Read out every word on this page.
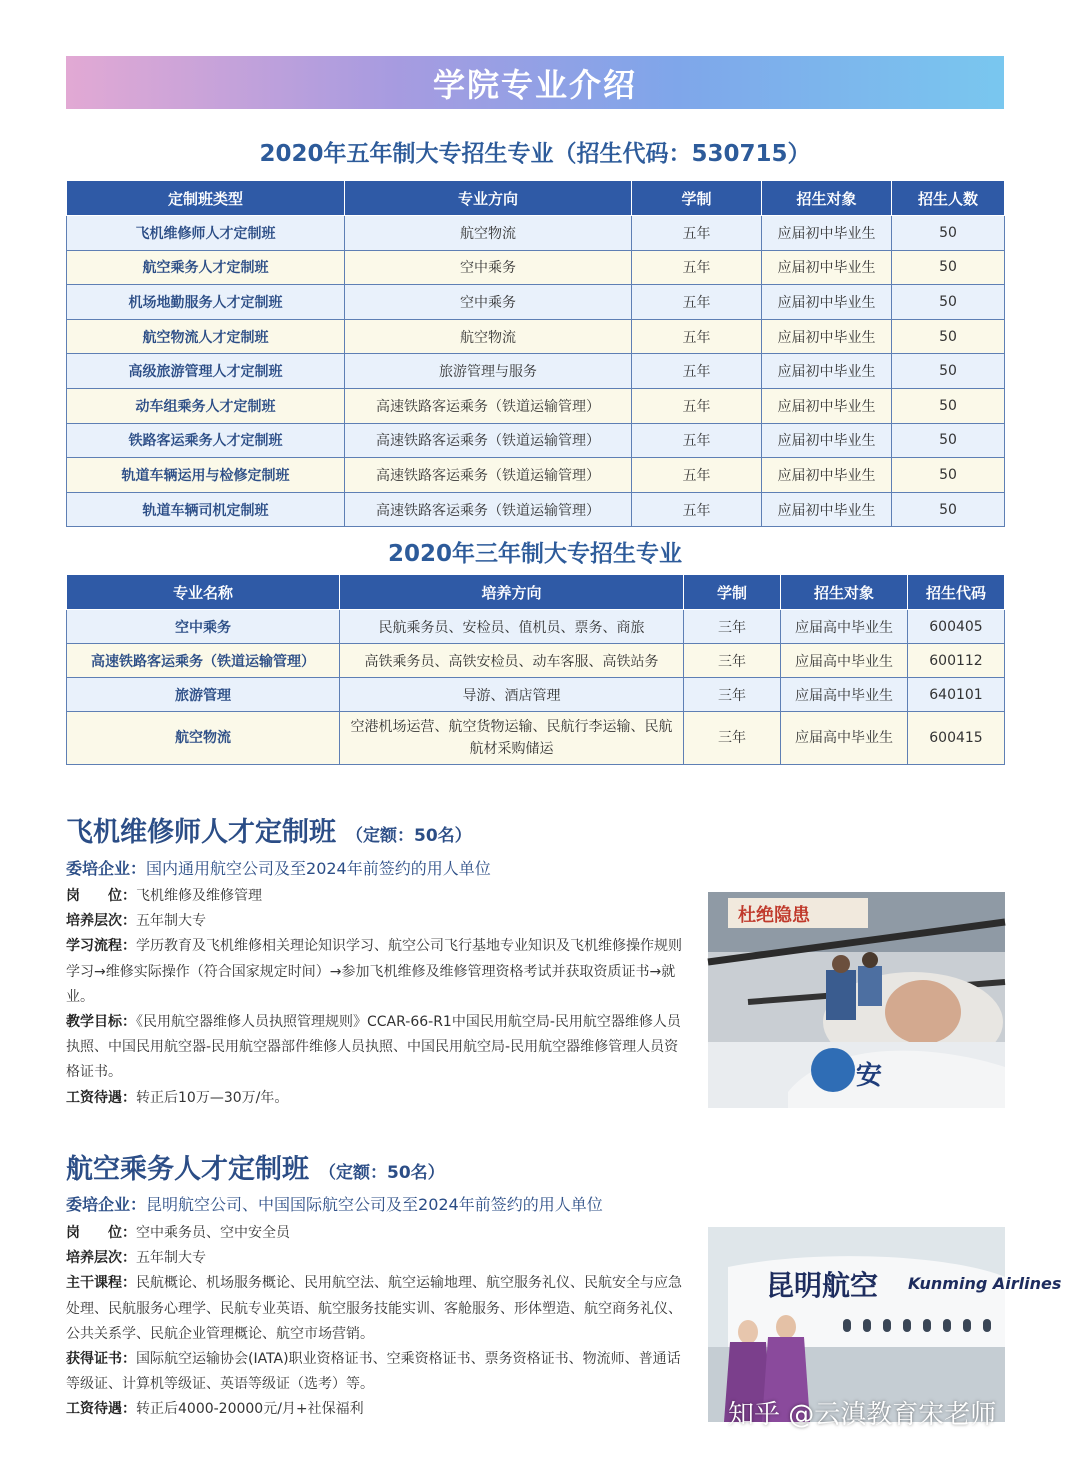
学院专业介绍
2020年五年制大专招生专业（招生代码：530715）
定制班类型	专业方向	学制	招生对象	招生人数
飞机维修师人才定制班	航空物流	五年	应届初中毕业生	50
航空乘务人才定制班	空中乘务	五年	应届初中毕业生	50
机场地勤服务人才定制班	空中乘务	五年	应届初中毕业生	50
航空物流人才定制班	航空物流	五年	应届初中毕业生	50
高级旅游管理人才定制班	旅游管理与服务	五年	应届初中毕业生	50
动车组乘务人才定制班	高速铁路客运乘务（铁道运输管理）	五年	应届初中毕业生	50
铁路客运乘务人才定制班	高速铁路客运乘务（铁道运输管理）	五年	应届初中毕业生	50
轨道车辆运用与检修定制班	高速铁路客运乘务（铁道运输管理）	五年	应届初中毕业生	50
轨道车辆司机定制班	高速铁路客运乘务（铁道运输管理）	五年	应届初中毕业生	50
2020年三年制大专招生专业
专业名称	培养方向	学制	招生对象	招生代码
空中乘务	民航乘务员、安检员、值机员、票务、商旅	三年	应届高中毕业生	600405
高速铁路客运乘务（铁道运输管理）	高铁乘务员、高铁安检员、动车客服、高铁站务	三年	应届高中毕业生	600112
旅游管理	导游、酒店管理	三年	应届高中毕业生	640101
航空物流	空港机场运营、航空货物运输、民航行李运输、民航航材采购储运	三年	应届高中毕业生	600415
飞机维修师人才定制班 （定额：50名）
委培企业：国内通用航空公司及至2024年前签约的用人单位

岗　　位：飞机维修及维修管理

培养层次：五年制大专

学习流程：学历教育及飞机维修相关理论知识学习、航空公司飞行基地专业知识及飞机维修操作规则学习→维修实际操作（符合国家规定时间）→参加飞机维修及维修管理资格考试并获取资质证书→就业。

教学目标：《民用航空器维修人员执照管理规则》CCAR-66-R1中国民用航空局-民用航空器维修人员执照、中国民用航空器-民用航空器部件维修人员执照、中国民用航空局-民用航空器维修管理人员资格证书。

工资待遇：转正后10万—30万/年。

杜绝隐患
安
航空乘务人才定制班 （定额：50名）
委培企业：昆明航空公司、中国国际航空公司及至2024年前签约的用人单位

岗　　位：空中乘务员、空中安全员

培养层次：五年制大专

主干课程：民航概论、机场服务概论、民用航空法、航空运输地理、航空服务礼仪、民航安全与应急处理、民航服务心理学、民航专业英语、航空服务技能实训、客舱服务、形体塑造、航空商务礼仪、公共关系学、民航企业管理概论、航空市场营销。

获得证书：国际航空运输协会(IATA)职业资格证书、空乘资格证书、票务资格证书、物流师、普通话等级证、计算机等级证、英语等级证（选考）等。

工资待遇：转正后4000-20000元/月+社保福利

昆明航空 Kunming Airlines
知乎 @云滇教育宋老师
